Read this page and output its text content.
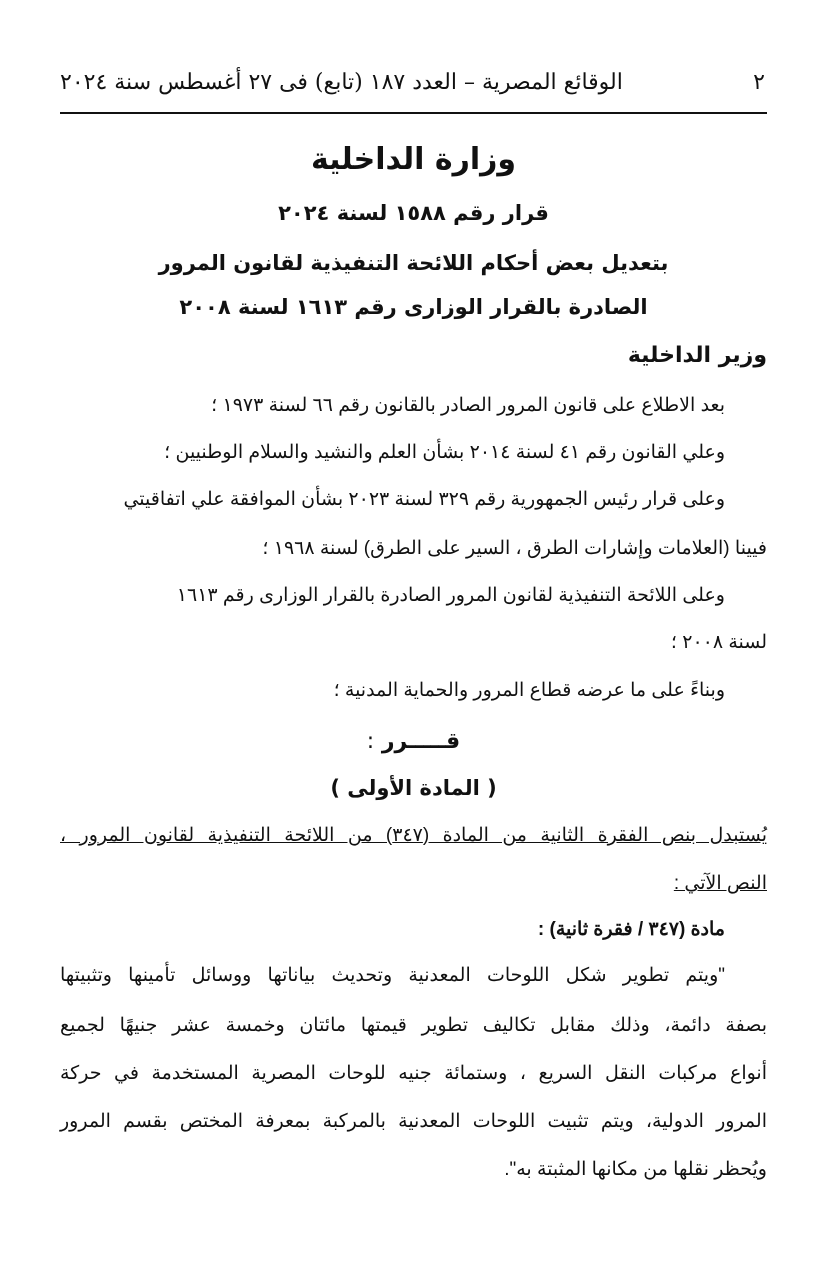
٢
الوقائع المصرية – العدد ١٨٧ (تابع) فى ٢٧ أغسطس سنة ٢٠٢٤
وزارة الداخلية
قرار رقم ١٥٨٨ لسنة ٢٠٢٤
بتعديل بعض أحكام اللائحة التنفيذية لقانون المرور
الصادرة بالقرار الوزارى رقم ١٦١٣ لسنة ٢٠٠٨
وزير الداخلية
بعد الاطلاع على قانون المرور الصادر بالقانون رقم ٦٦ لسنة ١٩٧٣ ؛
وعلي القانون رقم ٤١ لسنة ٢٠١٤ بشأن العلم والنشيد والسلام الوطنيين ؛
وعلى قرار رئيس الجمهورية رقم ٣٢٩ لسنة ٢٠٢٣ بشأن الموافقة علي اتفاقيتي
فيينا (العلامات وإشارات الطرق ، السير على الطرق) لسنة ١٩٦٨ ؛
وعلى اللائحة التنفيذية لقانون المرور الصادرة بالقرار الوزارى رقم ١٦١٣
لسنة ٢٠٠٨ ؛
وبناءً على ما عرضه قطاع المرور والحماية المدنية ؛
قـــــرر :
( المادة الأولى )
يُستبدل بنص الفقرة الثانية من المادة (٣٤٧) من اللائحة التنفيذية لقانون المرور ،
النص الآتي :
مادة (٣٤٧ / فقرة ثانية) :
"ويتم تطوير شكل اللوحات المعدنية وتحديث بياناتها ووسائل تأمينها وتثبيتها
بصفة دائمة، وذلك مقابل تكاليف تطوير قيمتها مائتان وخمسة عشر جنيهًا لجميع
أنواع مركبات النقل السريع ، وستمائة جنيه للوحات المصرية المستخدمة في حركة
المرور الدولية، ويتم تثبيت اللوحات المعدنية بالمركبة بمعرفة المختص بقسم المرور
ويُحظر نقلها من مكانها المثبتة به".
